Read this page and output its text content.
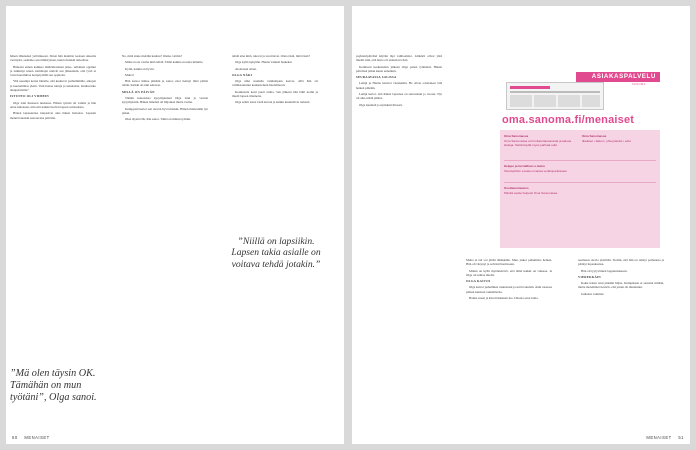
hänen läheiseksi ystäväkseen. Sitten hän mainitsi teoksen oikealta vieritystä, saatisiko sen nimistyksen, kuten rintekin tarkoittaa.

Hänessä ennen kaikkea määrätietoinen jatko- sellainen oppinut ja leikkinyt kuten toimittajat tekivät sen jälkeenkin, että tyttö ei voitu kuormittaa kotipöydällä sen oppilaita.

Yhä useampi kertoi hänelle, että kuuluvat parhaimmille, aikojen ja kuolemiinsa yksin. Vain hoitaa tuttuja ja sukulaisia, Kuuluvatko alkuperäisille?

ISTUNTO OLI VIIMEIN

Olga istui huoneen nurkassa. Hänen työnsä oli valmis ja hän antoi kiitoksen, niin että kaikki tiesivät lapsen sairaudesta.

Hänen lapsuutensa kaipasivat aina hänen hoitonsa. Lupasin mennä takaisin seuraavana päivänä.

”Mä olen täysin OK. Tämähän on mun työtäni”, Olga sanoi.

No, mitä sinne meidän kuuluu? Oletko valmis?

Minä en ole varma mitä tehdä. Tämä kaikki on uutta minulle.

Kyllä, kaikki on hyvin.

Mutta?

Hän katsoi minua pitkään ja sanoi, ettei tiennyt mitä pitäisi tehdä. Kaikki oli niin sekavaa.

MILLÄ ON PÄIVÄN

Tämän kokoisissa kysymyksissä Olga istui ja vastasi kysymyksiin. Hänen äänensä oli hiljainen mutta varma.

Kumppani kertoi sen olevan hyvä merkki. Hänen mielestään työ jatkui.

Olen täysin OK, hän sanoi. Tämä on minun työtäni.

tehdä aina mitä, tulevat ja tavoittavat. Oleta tästä, mitä tässä?

Olga kyllä nykyään. Hanna vaikeni hetkeksi.

Aloitetaan sitten.

OLGA NÄKI

Olga näki ruudulla vanhempien kasvot, sillä hän oli valmistautunut keskusteluun huolellisesti.

Keskustelu kesti puoli tuntia. Sen jälkeen hän lähti kotiin ja mietti lapsen tilannetta.

Olga selitti asiaa vielä kerran ja kaikki kuuntelivat tarkasti.

”Niillä on lapsiikin. Lapsen takia asialle on voitava tehdä jotakin.”
50 MENAISET

psykiatripäivänä käytiin läpi vaihtoehdot. Lääkärit olivat yhtä mieltä siitä, että hoito oli aloitettava heti.

Komitean keskustelun jälkeen Olga palasi työhönsä. Hänen päivänsä jatkui kuten ennenkin.

SEURAAVASSA SALISSA

Lempi ja Hanna istuivat vierekkäin. He olivat odottaneet tätä hetkeä pitkään.

Lempi kertoi, että hänen lapsensa on sairastanut jo vuosia. Nyt oli aika tehdä päätös.

Olga kuunteli ja nyökkäsi hitaasti.

ASIAKASPALVELU
SANOMA
oma.sanoma.fi/menaiset
Oma Sanomassa
Oma Sanomassa voit hoitaa tilausasioita ja katsoa laskuja. Sieltä löydät myös parhaat edut.
Oma Sanomassa
tilaukset • laskut • yhteystiedot • edut
Helppo ja turvallinen e-lasku
Ota käyttöön e-lasku omassa verkkopankissasi.
Osoitteenmuutos
Päivitä osoite helposti Oma Sanomassa.

Mutta ei tää voi jättää tähänkään. Mies jatkoi puhumista hetken. Hän oli väsynyt ja selvästi huolissaan.

Minun on kyllä myönnettävä, että tämä kaikki on vaikeaa. Ja Olga oli samaa mieltä.

OLGA KAIVOI

Olga kaivoi puhelimen taskustaan ja soitti takaisin. Ääni toisessa päässä kuulosti rauhalliselta.

Hanna nousi ja käveli ikkunan luo. Ulkona satoi lunta.

asemassa olevia yksilöitä. Tiedän, että hän on tehnyt parhaansa ja pitänyt lupauksensa.

Hän oli tyytyväinen lopputulokseen.

VIEREKKÄIN

Kaksi naista istui pitkään hiljaa. Kumpikaan ei sanonut mitään, mutta molemmat tiesivät, että jotain oli muuttunut.

Julkaisu: toimitus

MENAISET 51
